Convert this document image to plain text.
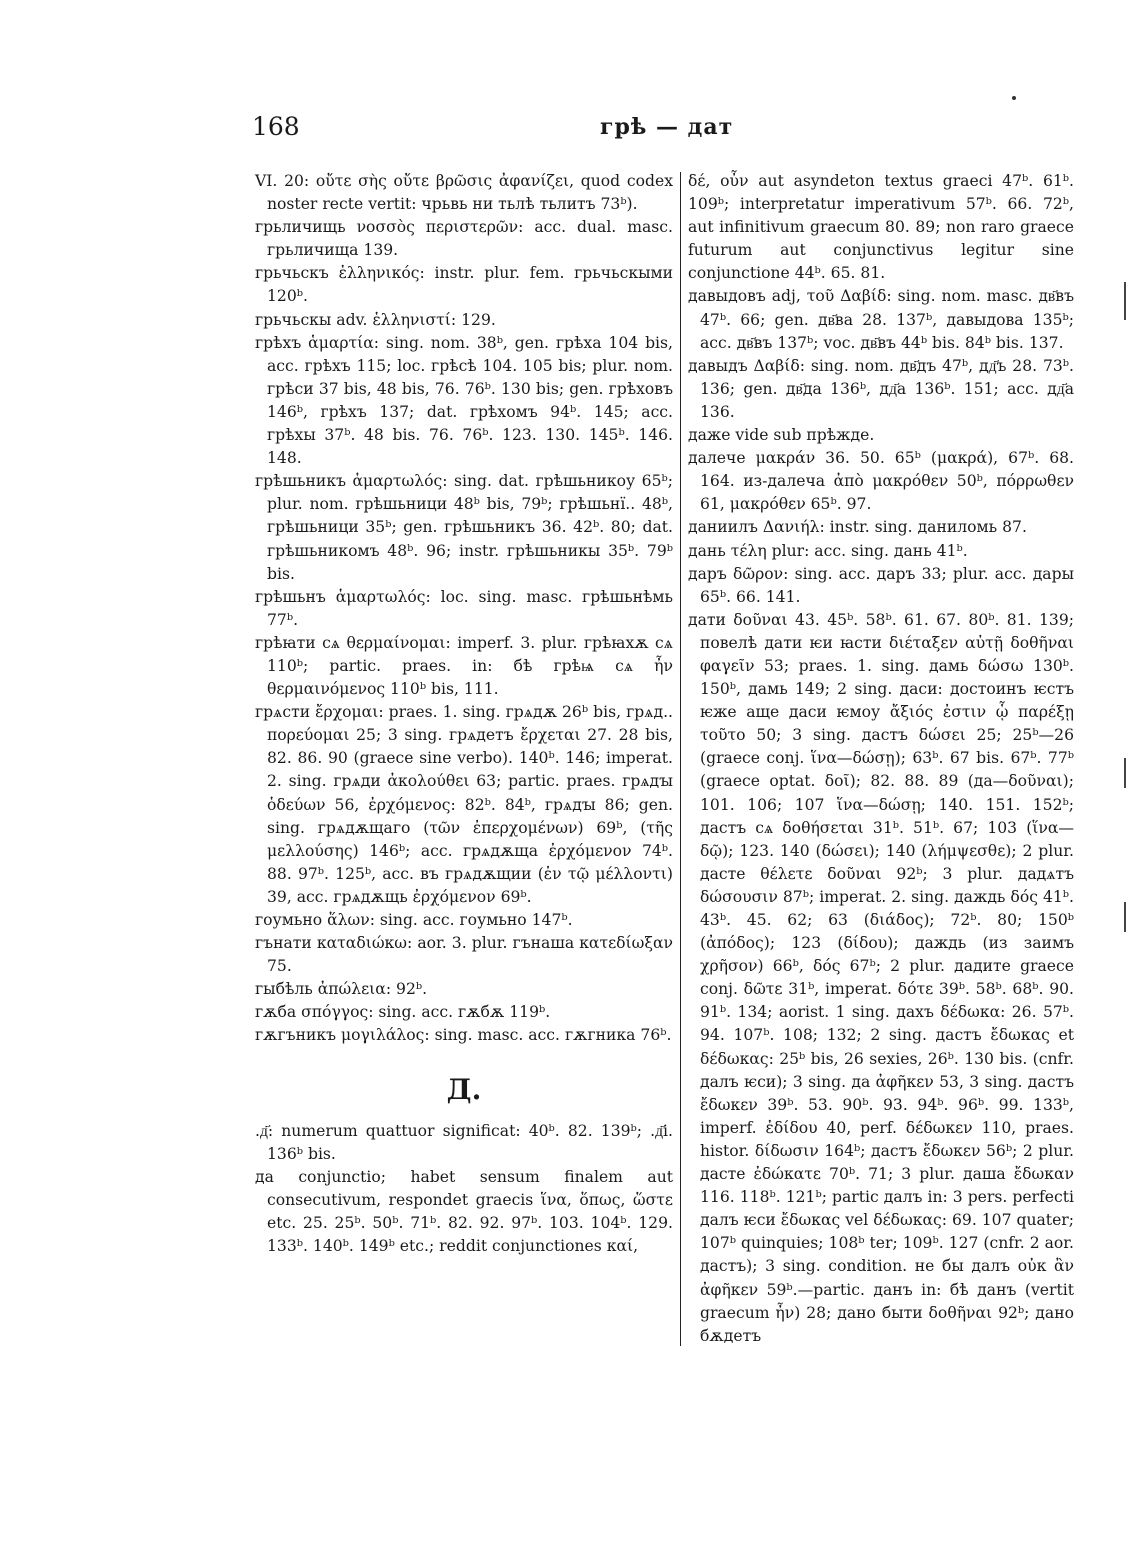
168	грѣ — дат

VI. 20: οὔτε σὴς οὔτε βρῶσις ἀφανίζει, quod codex noster recte vertit: чрьвь ни тьлѣ тьлитъ 73ᵇ).

грьличищь νοσσὸς περιστερῶν: acc. dual. masc. грьличища 139.

грьчьскъ ἑλληνικός: instr. plur. fem. грьчьскыми 120ᵇ.

грьчьскы adv. ἑλληνιστί: 129.

грѣхъ ἁμαρτία: sing. nom. 38ᵇ, gen. грѣха 104 bis, acc. грѣхъ 115; loc. грѣсѣ 104. 105 bis; plur. nom. грѣси 37 bis, 48 bis, 76. 76ᵇ. 130 bis; gen. грѣховъ 146ᵇ, грѣхъ 137; dat. грѣхомъ 94ᵇ. 145; acc. грѣхы 37ᵇ. 48 bis. 76. 76ᵇ. 123. 130. 145ᵇ. 146. 148.

грѣшьникъ ἁμαρτωλός: sing. dat. грѣшьникоу 65ᵇ; plur. nom. грѣшьници 48ᵇ bis, 79ᵇ; грѣшьнї.. 48ᵇ, грѣшьници 35ᵇ; gen. грѣшьникъ 36. 42ᵇ. 80; dat. грѣшьникомъ 48ᵇ. 96; instr. грѣшьникы 35ᵇ. 79ᵇ bis.

грѣшьнъ ἁμαρτωλός: loc. sing. masc. грѣшьнѣмь 77ᵇ.

грѣꙗти сѧ θερμαίνομαι: imperf. 3. plur. грѣꙗхѫ сѧ 110ᵇ; partic. praes. in: бѣ грѣѩ сѧ ἦν θερμαινόμενος 110ᵇ bis, 111.

грѧсти ἔρχομαι: praes. 1. sing. грѧдѫ 26ᵇ bis, грѧд.. πορεύομαι 25; 3 sing. грѧдетъ ἔρχεται 27. 28 bis, 82. 86. 90 (graece sine verbo). 140ᵇ. 146; imperat. 2. sing. грѧди ἀκολούθει 63; partic. praes. грѧдꙑ ὁδεύων 56, ἐρχόμενος: 82ᵇ. 84ᵇ, грѧдꙑ 86; gen. sing. грѧдѫщаго (τῶν ἐπερχομένων) 69ᵇ, (τῆς μελλούσης) 146ᵇ; acc. грѧдѫща ἐρχόμενον 74ᵇ. 88. 97ᵇ. 125ᵇ, acc. въ грѧдѫщии (ἐν τῷ μέλλοντι) 39, acc. грѧдѫщь ἐρχόμενον 69ᵇ.

гоумьно ἅλων: sing. acc. гоумьно 147ᵇ.

гънати καταδιώκω: aor. 3. plur. гънаша κατεδίωξαν 75.

гыбѣль ἀπώλεια: 92ᵇ.

гѫба σπόγγος: sing. acc. гѫбѫ 119ᵇ.

гѫгъникъ μογιλάλος: sing. masc. acc. гѫгника 76ᵇ.

Д.

.д҃: numerum quattuor significat: 40ᵇ. 82. 139ᵇ; .д҃і. 136ᵇ bis.

да conjunctio; habet sensum finalem aut consecutivum, respondet graecis ἵνα, ὅπως, ὥστε etc. 25. 25ᵇ. 50ᵇ. 71ᵇ. 82. 92. 97ᵇ. 103. 104ᵇ. 129. 133ᵇ. 140ᵇ. 149ᵇ etc.; reddit conjunctiones καί,

δέ, οὖν aut asyndeton textus graeci 47ᵇ. 61ᵇ. 109ᵇ; interpretatur imperativum 57ᵇ. 66. 72ᵇ, aut infinitivum graecum 80. 89; non raro graece futurum aut conjunctivus legitur sine conjunctione 44ᵇ. 65. 81.

давыдовъ adj, τοῦ Δαβίδ: sing. nom. masc. дв҃въ 47ᵇ. 66; gen. дв҃ва 28. 137ᵇ, давыдова 135ᵇ; acc. дв҃въ 137ᵇ; voc. дв҃въ 44ᵇ bis. 84ᵇ bis. 137.

давыдъ Δαβίδ: sing. nom. дв҃дъ 47ᵇ, дд҃ъ 28. 73ᵇ. 136; gen. дв҃да 136ᵇ, дд҃а 136ᵇ. 151; acc. дд҃а 136.

даже vide sub прѣжде.

далече μακράν 36. 50. 65ᵇ (μακρά), 67ᵇ. 68. 164. из-далеча ἀπὸ μακρόθεν 50ᵇ, πόρρωθεν 61, μακρόθεν 65ᵇ. 97.

даниилъ Δανιήλ: instr. sing. даниломь 87.

дань τέλη plur: acc. sing. дань 41ᵇ.

даръ δῶρον: sing. acc. даръ 33; plur. acc. дары 65ᵇ. 66. 141.

дати δοῦναι 43. 45ᵇ. 58ᵇ. 61. 67. 80ᵇ. 81. 139; повелѣ дати ѥи ꙗсти διέταξεν αὐτῇ δοθῆναι φαγεῖν 53; praes. 1. sing. дамь δώσω 130ᵇ. 150ᵇ, дамь 149; 2 sing. даси: достоинъ ѥстъ ѥже аще даси ѥмоу ἄξιός ἐστιν ᾧ παρέξῃ τοῦτο 50; 3 sing. дастъ δώσει 25; 25ᵇ—26 (graece conj. ἵνα—δώσῃ); 63ᵇ. 67 bis. 67ᵇ. 77ᵇ (graece optat. δοῖ); 82. 88. 89 (да—δοῦναι); 101. 106; 107 ἵνα—δώσῃ; 140. 151. 152ᵇ; дастъ сѧ δοθήσεται 31ᵇ. 51ᵇ. 67; 103 (ἵνα—δῷ); 123. 140 (δώσει); 140 (λήμψεσθε); 2 plur. дасте θέλετε δοῦναι 92ᵇ; 3 plur. дадѧтъ δώσουσιν 87ᵇ; imperat. 2. sing. даждь δός 41ᵇ. 43ᵇ. 45. 62; 63 (διάδος); 72ᵇ. 80; 150ᵇ (ἀπόδος); 123 (δίδου); даждь (из заимъ χρῆσον) 66ᵇ, δός 67ᵇ; 2 plur. дадите graece conj. δῶτε 31ᵇ, imperat. δότε 39ᵇ. 58ᵇ. 68ᵇ. 90. 91ᵇ. 134; aorist. 1 sing. дахъ δέδωκα: 26. 57ᵇ. 94. 107ᵇ. 108; 132; 2 sing. дастъ ἔδωκας et δέδωκας: 25ᵇ bis, 26 sexies, 26ᵇ. 130 bis. (cnfr. далъ ѥси); 3 sing. да ἀφῆκεν 53, 3 sing. дастъ ἔδωκεν 39ᵇ. 53. 90ᵇ. 93. 94ᵇ. 96ᵇ. 99. 133ᵇ, imperf. ἐδίδου 40, perf. δέδωκεν 110, praes. histor. δίδωσιν 164ᵇ; дастъ ἔδωκεν 56ᵇ; 2 plur. дасте ἐδώκατε 70ᵇ. 71; 3 plur. даша ἔδωκαν 116. 118ᵇ. 121ᵇ; partic далъ in: 3 pers. perfecti далъ ѥси ἔδωκας vel δέδωκας: 69. 107 quater; 107ᵇ quinquies; 108ᵇ ter; 109ᵇ. 127 (cnfr. 2 aor. дастъ); 3 sing. condition. не бы далъ οὐκ ἂν ἀφῆκεν 59ᵇ.—partic. данъ in: бѣ данъ (vertit graecum ἦν) 28; дано быти δοθῆναι 92ᵇ; дано бѫдетъ
